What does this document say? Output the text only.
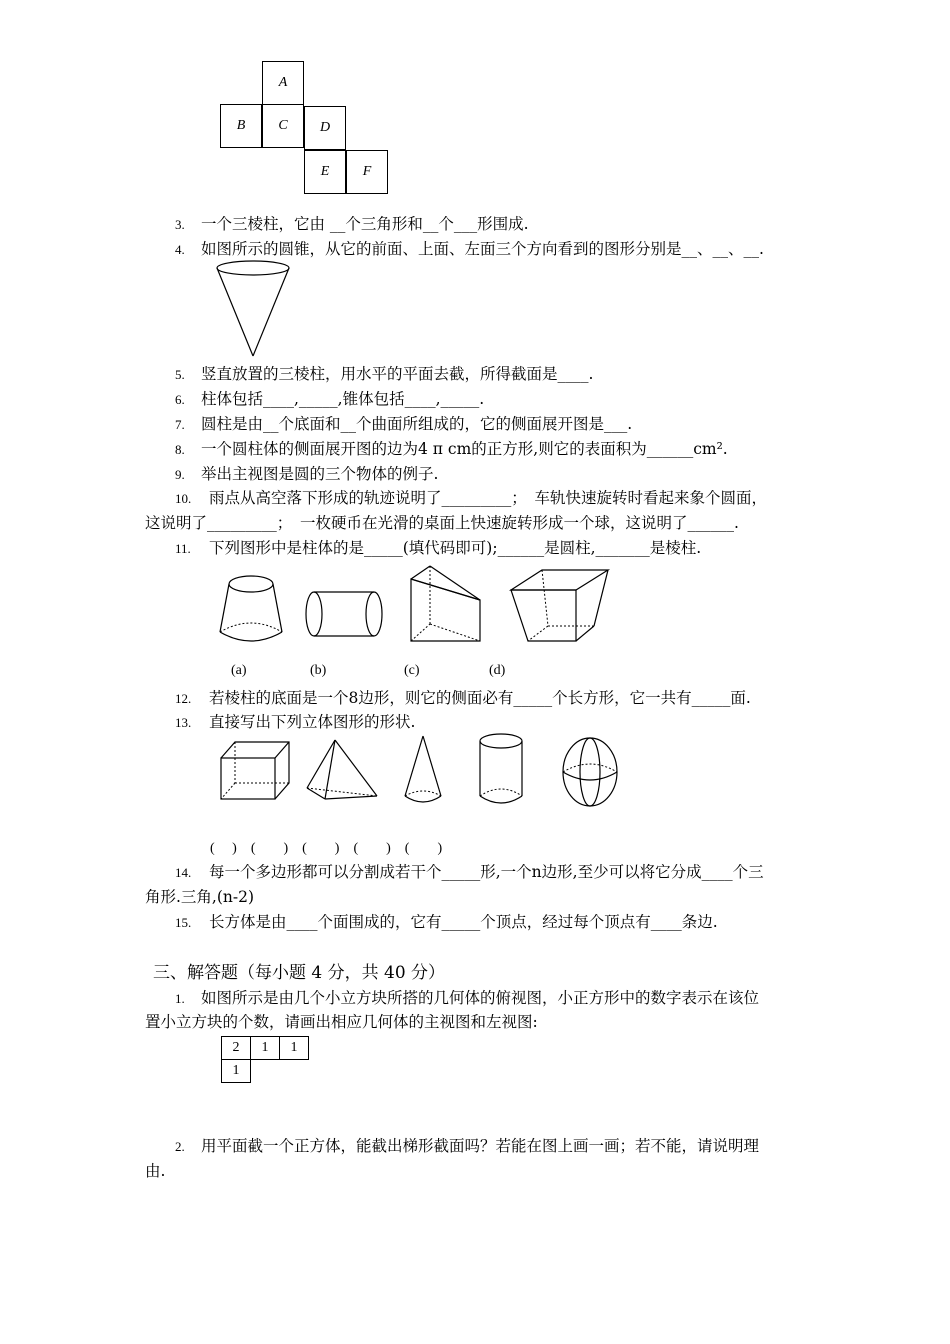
A
B	C	D
E	F
3. 一个三棱柱，它由 __个三角形和__个___形围成.
4. 如图所示的圆锥，从它的前面、上面、左面三个方向看到的图形分别是__、__、__.
5. 竖直放置的三棱柱，用水平的平面去截，所得截面是____.
6. 柱体包括____,_____,锥体包括____,_____.
7. 圆柱是由__个底面和__个曲面所组成的，它的侧面展开图是___.
8. 一个圆柱体的侧面展开图的边为4 π cm的正方形,则它的表面积为______cm².
9. 举出主视图是圆的三个物体的例子.
10. 雨点从高空落下形成的轨迹说明了_________；　车轨快速旋转时看起来象个圆面，
这说明了_________；　一枚硬币在光滑的桌面上快速旋转形成一个球，这说明了______.
11. 下列图形中是柱体的是_____(填代码即可);______是圆柱,_______是棱柱.
(a)	(b)	(c)	(d)
12. 若棱柱的底面是一个8边形，则它的侧面必有_____个长方形，它一共有_____面.
13. 直接写出下列立体图形的形状.
(　 )　(　　)　(　　)　(　　)　(　　)
14. 每一个多边形都可以分割成若干个_____形,一个n边形,至少可以将它分成____个三
角形.三角,(n-2)
15. 长方体是由____个面围成的，它有_____个顶点，经过每个顶点有____条边.
三、解答题（每小题 4 分，共 40 分）
1. 如图所示是由几个小立方块所搭的几何体的俯视图，小正方形中的数字表示在该位
置小立方块的个数，请画出相应几何体的主视图和左视图:
2	1	1
1
2. 用平面截一个正方体，能截出梯形截面吗？若能在图上画一画；若不能，请说明理
由.
